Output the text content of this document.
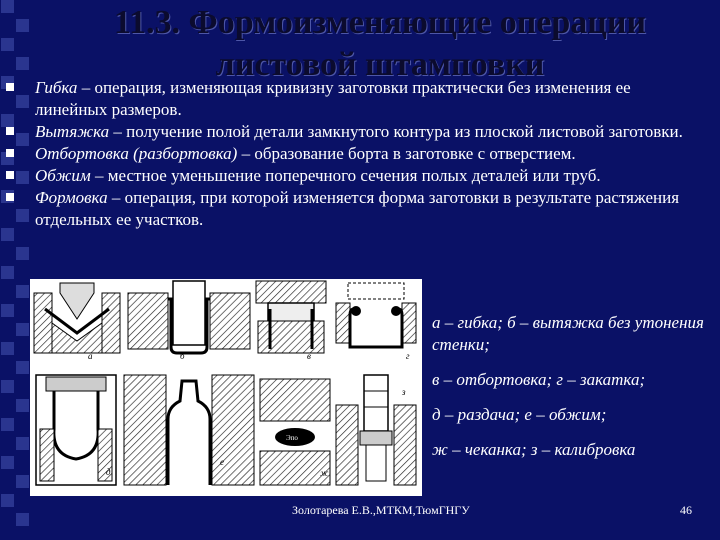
11.3. Формоизменяющие операции
листовой штамповки
Гибка – операция, изменяющая кривизну заготовки практически без изменения ее линейных размеров.
Вытяжка – получение полой детали замкнутого контура из плоской листовой заготовки.
Отбортовка (разбортовка) – образование борта в заготовке с отверстием.
Обжим – местное уменьшение поперечного сечения полых деталей или труб.
Формовка – операция, при которой изменяется форма заготовки в результате растяжения отдельных ее участков.
а	б	в	г
д
е
Эпо
ж
з
а – гибка; б – вытяжка без утонения стенки;
в – отбортовка; г – закатка;
д – раздача; е – обжим;
ж – чеканка; з – калибровка
Золотарева Е.В.,МТКМ,ТюмГНГУ	46
